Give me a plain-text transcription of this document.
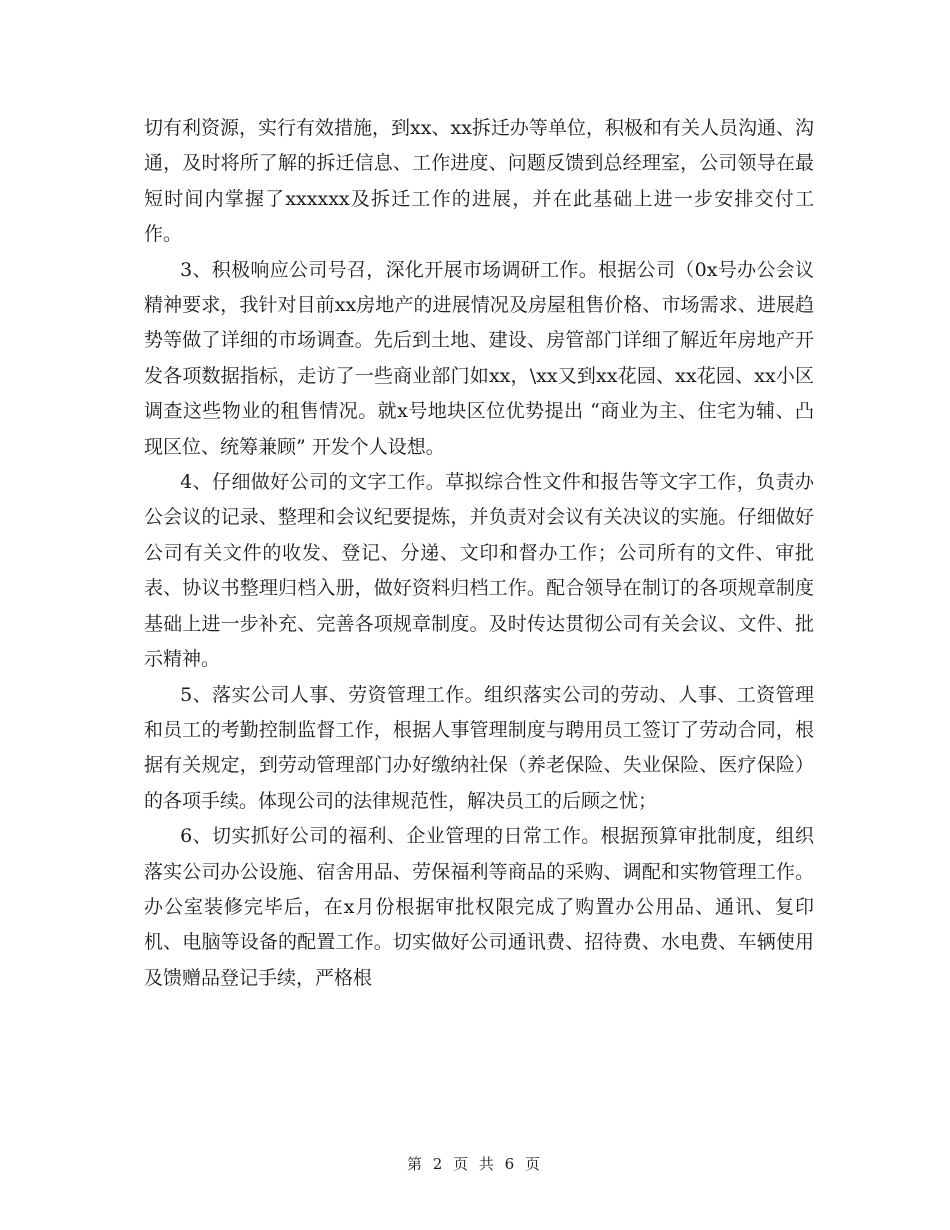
切有利资源，实行有效措施，到xx、xx拆迁办等单位，积极和有关人员沟通、沟通，及时将所了解的拆迁信息、工作进度、问题反馈到总经理室，公司领导在最短时间内掌握了xxxxxx及拆迁工作的进展，并在此基础上进一步安排交付工作。

3、积极响应公司号召，深化开展市场调研工作。根据公司（0x号办公会议精神要求，我针对目前xx房地产的进展情况及房屋租售价格、市场需求、进展趋势等做了详细的市场调查。先后到土地、建设、房管部门详细了解近年房地产开发各项数据指标，走访了一些商业部门如xx，\xx又到xx花园、xx花园、xx小区调查这些物业的租售情况。就x号地块区位优势提出 “商业为主、住宅为辅、凸现区位、统筹兼顾” 开发个人设想。

4、仔细做好公司的文字工作。草拟综合性文件和报告等文字工作，负责办公会议的记录、整理和会议纪要提炼，并负责对会议有关决议的实施。仔细做好公司有关文件的收发、登记、分递、文印和督办工作；公司所有的文件、审批表、协议书整理归档入册，做好资料归档工作。配合领导在制订的各项规章制度基础上进一步补充、完善各项规章制度。及时传达贯彻公司有关会议、文件、批示精神。

5、落实公司人事、劳资管理工作。组织落实公司的劳动、人事、工资管理和员工的考勤控制监督工作，根据人事管理制度与聘用员工签订了劳动合同，根据有关规定，到劳动管理部门办好缴纳社保（养老保险、失业保险、医疗保险）的各项手续。体现公司的法律规范性，解决员工的后顾之忧；

6、切实抓好公司的福利、企业管理的日常工作。根据预算审批制度，组织落实公司办公设施、宿舍用品、劳保福利等商品的采购、调配和实物管理工作。办公室装修完毕后，在x月份根据审批权限完成了购置办公用品、通讯、复印机、电脑等设备的配置工作。切实做好公司通讯费、招待费、水电费、车辆使用及馈赠品登记手续，严格根

第 2 页 共 6 页
